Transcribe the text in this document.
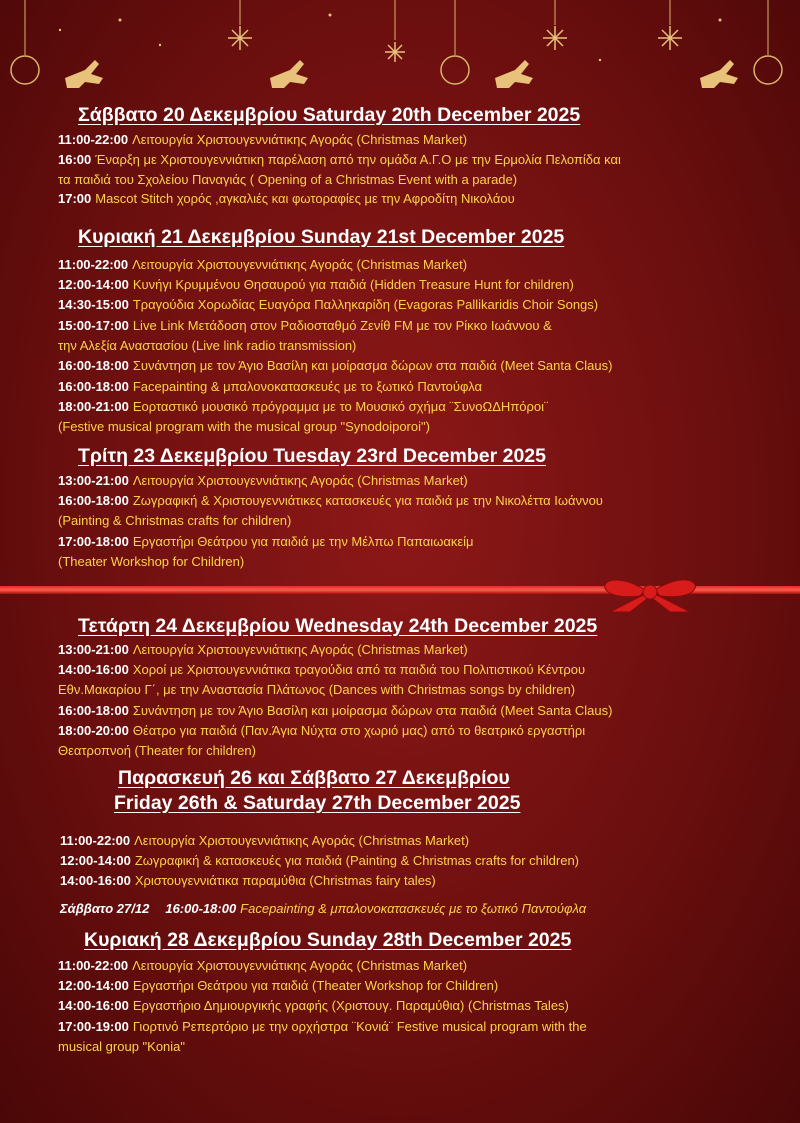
Σάββατο 20 Δεκεμβρίου Saturday 20th December 2025
11:00-22:00 Λειτουργία Χριστουγεννιάτικης Αγοράς (Christmas Market)
16:00 Έναρξη με Χριστουγεννιάτικη παρέλαση από την ομάδα Α.Γ.Ο με την Ερμολία Πελοπίδα και
τα παιδιά του Σχολείου Παναγιάς ( Opening of a Christmas Event with a parade)
17:00 Mascot Stitch χορός ,αγκαλιές και φωτοραφίες με την Αφροδίτη Νικολάου
Κυριακή 21 Δεκεμβρίου Sunday 21st December 2025
11:00-22:00 Λειτουργία Χριστουγεννιάτικης Αγοράς (Christmas Market)
12:00-14:00 Κυνήγι Κρυμμένου Θησαυρού για παιδιά (Hidden Treasure Hunt for children)
14:30-15:00 Τραγούδια Χορωδίας Ευαγόρα Παλληκαρίδη (Evagoras Pallikaridis Choir Songs)
15:00-17:00 Live Link Μετάδοση στον Ραδιοσταθμό Ζενίθ FM με τον Ρίκκο Ιωάννου &
την Αλεξία Αναστασίου (Live link radio transmission)
16:00-18:00 Συνάντηση με τον Άγιο Βασίλη και μοίρασμα δώρων στα παιδιά (Meet Santa Claus)
16:00-18:00 Facepainting & μπαλονοκατασκευές με το ξωτικό Παντούφλα
18:00-21:00 Εορταστικό μουσικό πρόγραμμα με το Μουσικό σχήμα ¨ΣυνοΩΔΗπόροι¨
(Festive musical program with the musical group "Synodoiporoi")
Τρίτη 23 Δεκεμβρίου Tuesday 23rd December 2025
13:00-21:00 Λειτουργία Χριστουγεννιάτικης Αγοράς (Christmas Market)
16:00-18:00 Ζωγραφική & Χριστουγεννιάτικες κατασκευές για παιδιά με την Νικολέττα Ιωάννου
(Painting & Christmas crafts for children)
17:00-18:00 Εργαστήρι Θεάτρου για παιδιά με την Μέλπω Παπαιωακείμ
(Theater Workshop for Children)
Τετάρτη 24 Δεκεμβρίου Wednesday 24th December 2025
13:00-21:00 Λειτουργία Χριστουγεννιάτικης Αγοράς (Christmas Market)
14:00-16:00 Χοροί με Χριστουγεννιάτικα τραγούδια από τα παιδιά του Πολιτιστικού Κέντρου
Εθν.Μακαρίου Γ΄, με την Αναστασία Πλάτωνος (Dances with Christmas songs by children)
16:00-18:00 Συνάντηση με τον Άγιο Βασίλη και μοίρασμα δώρων στα παιδιά (Meet Santa Claus)
18:00-20:00 Θέατρο για παιδιά (Παν.Άγια Νύχτα στο χωριό μας) από το θεατρικό εργαστήρι
Θεατροπνοή (Theater for children)
Παρασκευή 26 και Σάββατο 27 Δεκεμβρίου
Friday 26th & Saturday 27th December 2025
11:00-22:00 Λειτουργία Χριστουγεννιάτικης Αγοράς (Christmas Market)
12:00-14:00 Ζωγραφική & κατασκευές για παιδιά (Painting & Christmas crafts for children)
14:00-16:00 Χριστουγεννιάτικα παραμύθια (Christmas fairy tales)
Σάββατο 27/12 16:00-18:00 Facepainting & μπαλονοκατασκευές με το ξωτικό Παντούφλα
Κυριακή 28 Δεκεμβρίου Sunday 28th December 2025
11:00-22:00 Λειτουργία Χριστουγεννιάτικης Αγοράς (Christmas Market)
12:00-14:00 Εργαστήρι Θεάτρου για παιδιά (Theater Workshop for Children)
14:00-16:00 Εργαστήριο Δημιουργικής γραφής (Χριστουγ. Παραμύθια) (Christmas Tales)
17:00-19:00 Γιορτινό Ρεπερτόριο με την ορχήστρα ¨Κονιά¨ Festive musical program with the
musical group "Konia"
